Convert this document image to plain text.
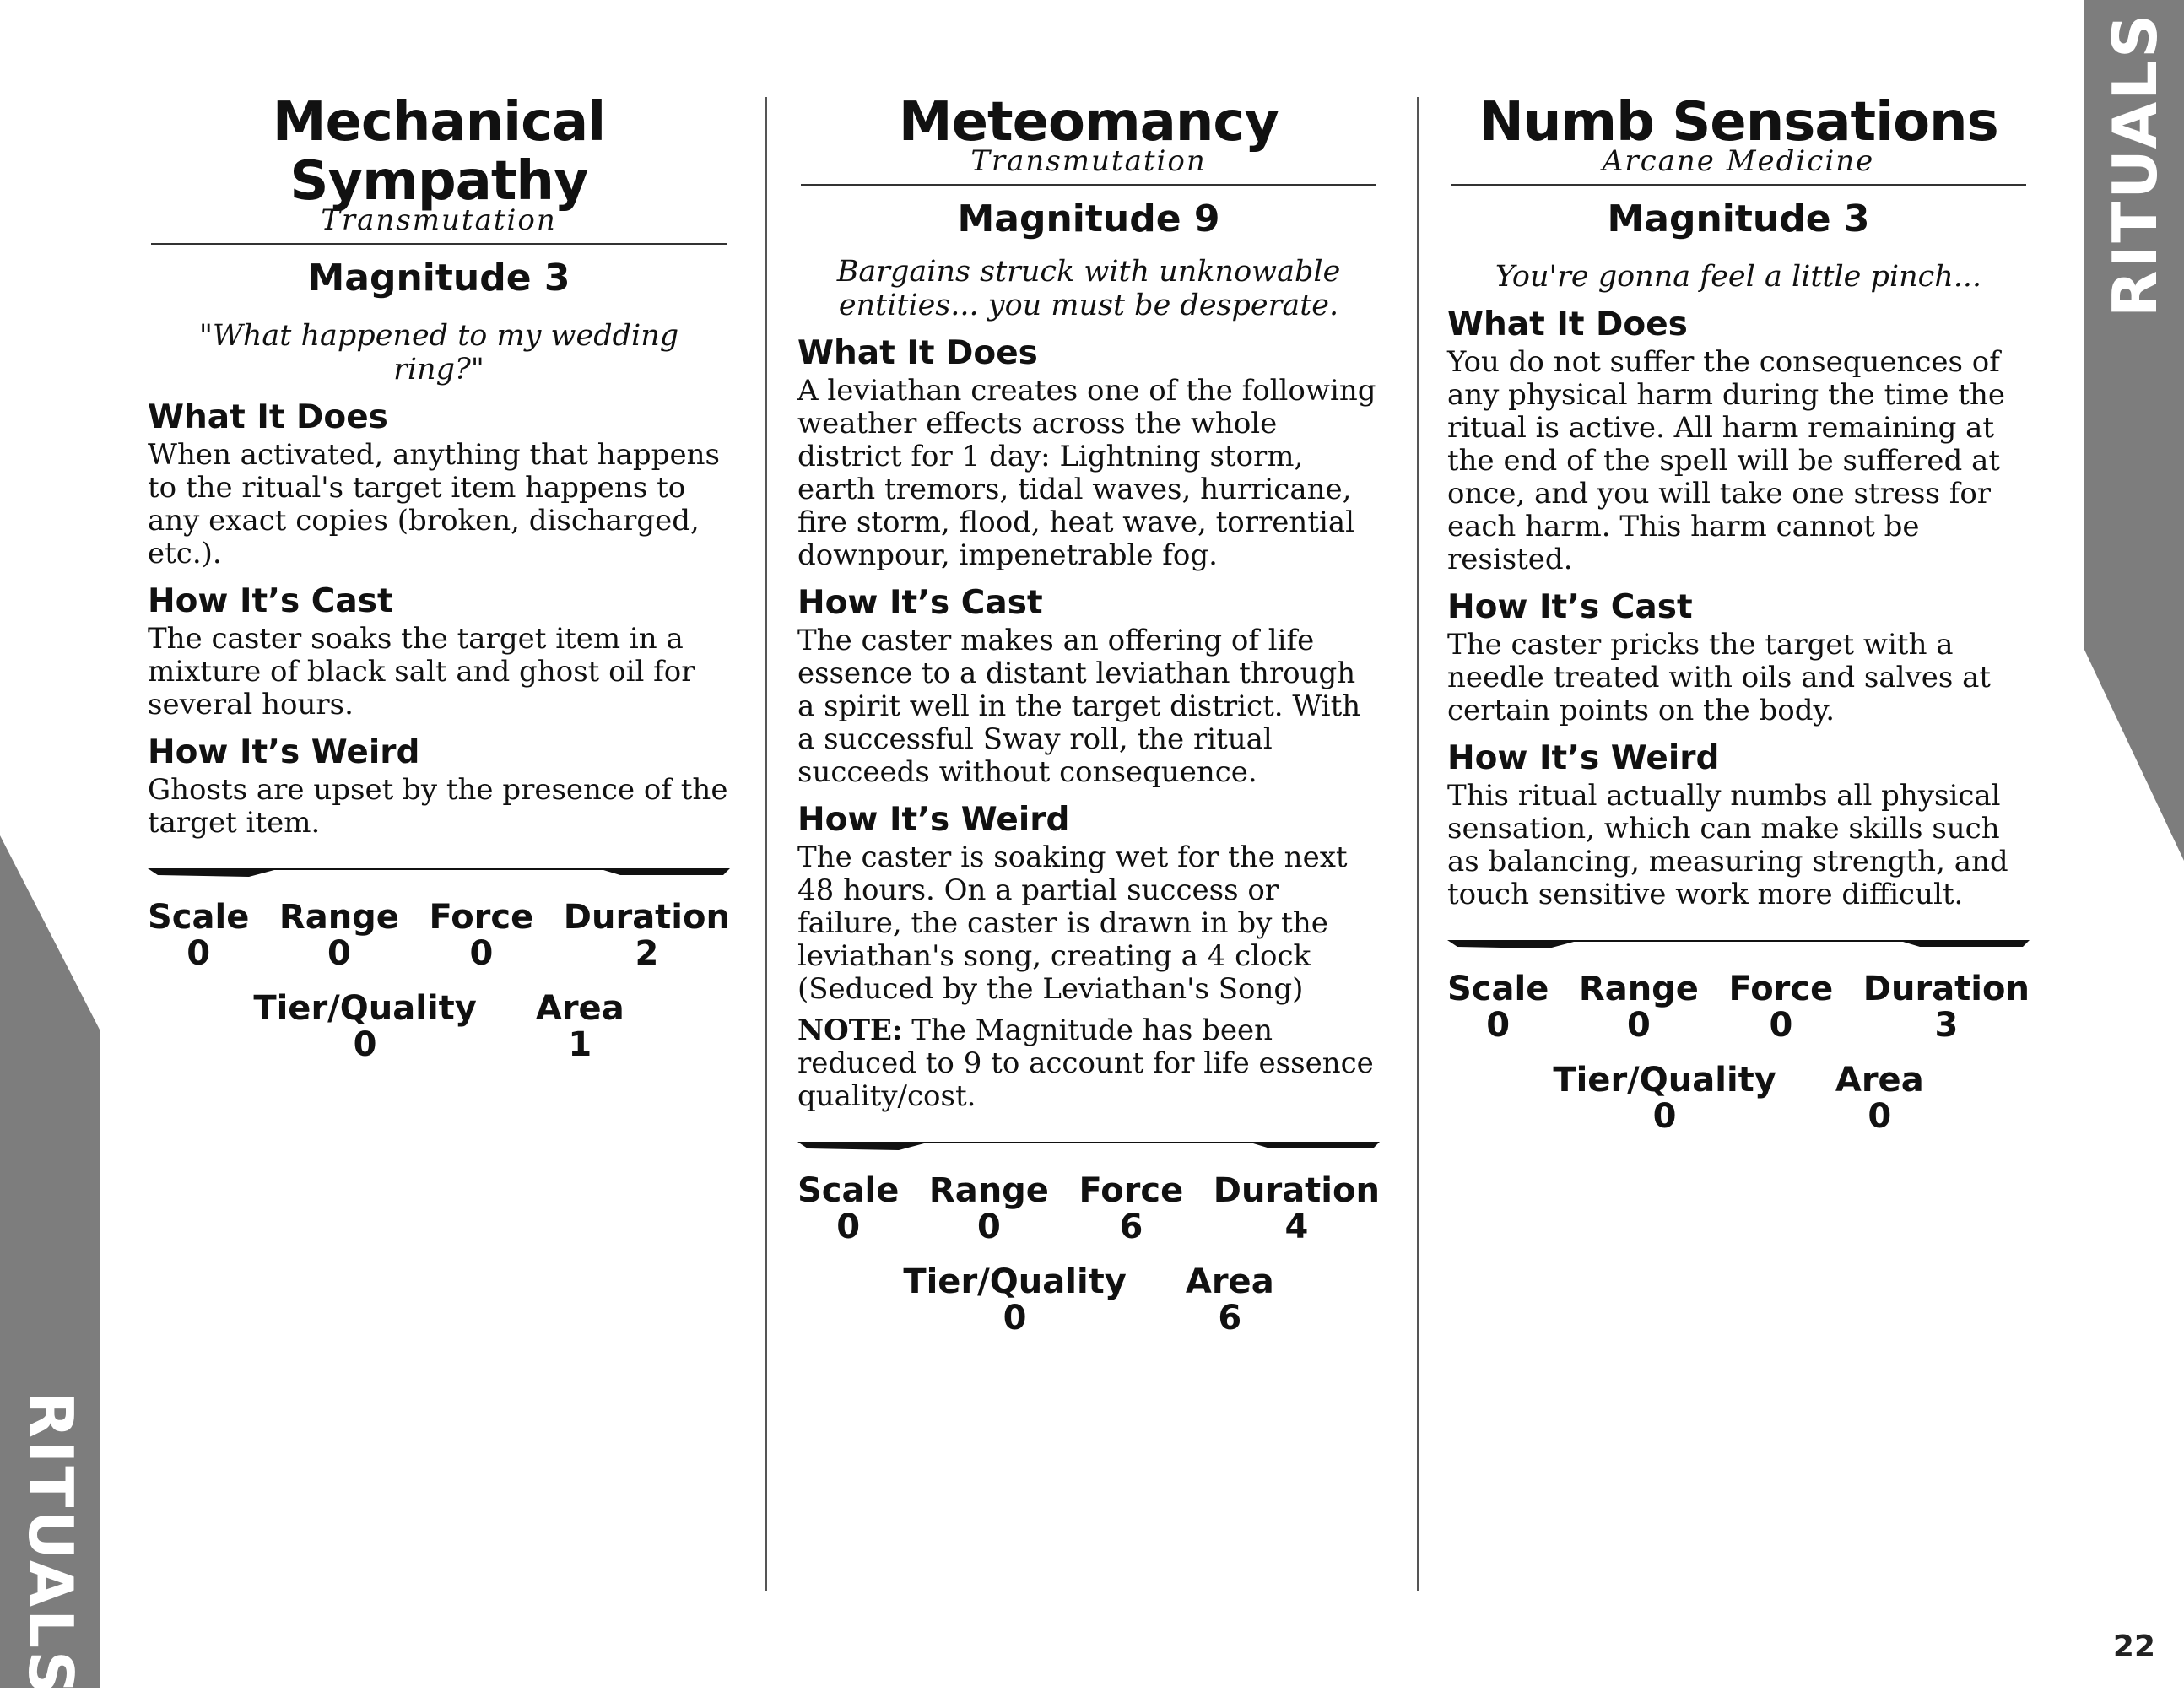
RITUALS
RITUALS
Mechanical Sympathy
Transmutation
Magnitude 3
"What happened to my wedding ring?"
What It Does
When activated, anything that happens to the ritual's target item happens to any exact copies (broken, discharged, etc.).
How It’s Cast
The caster soaks the target item in a mixture of black salt and ghost oil for several hours.
How It’s Weird
Ghosts are upset by the presence of the target item.
Scale
0
Range
0
Force
0
Duration
2
Tier/Quality
0
Area
1
Meteomancy
Transmutation
Magnitude 9
Bargains struck with unknowable entities... you must be desperate.
What It Does
A leviathan creates one of the following weather effects across the whole district for 1 day: Lightning storm, earth tremors, tidal waves, hurricane, fire storm, flood, heat wave, torrential downpour, impenetrable fog.
How It’s Cast
The caster makes an offering of life essence to a distant leviathan through a spirit well in the target district. With a successful Sway roll, the ritual succeeds without consequence.
How It’s Weird
The caster is soaking wet for the next 48 hours. On a partial success or failure, the caster is drawn in by the leviathan's song, creating a 4 clock (Seduced by the Leviathan's Song)
NOTE: The Magnitude has been reduced to 9 to account for life essence quality/cost.
Scale
0
Range
0
Force
6
Duration
4
Tier/Quality
0
Area
6
Numb Sensations
Arcane Medicine
Magnitude 3
You're gonna feel a little pinch...
What It Does
You do not suffer the consequences of any physical harm during the time the ritual is active. All harm remaining at the end of the spell will be suffered at once, and you will take one stress for each harm. This harm cannot be resisted.
How It’s Cast
The caster pricks the target with a needle treated with oils and salves at certain points on the body.
How It’s Weird
This ritual actually numbs all physical sensation, which can make skills such as balancing, measuring strength, and touch sensitive work more difficult.
Scale
0
Range
0
Force
0
Duration
3
Tier/Quality
0
Area
0
22
